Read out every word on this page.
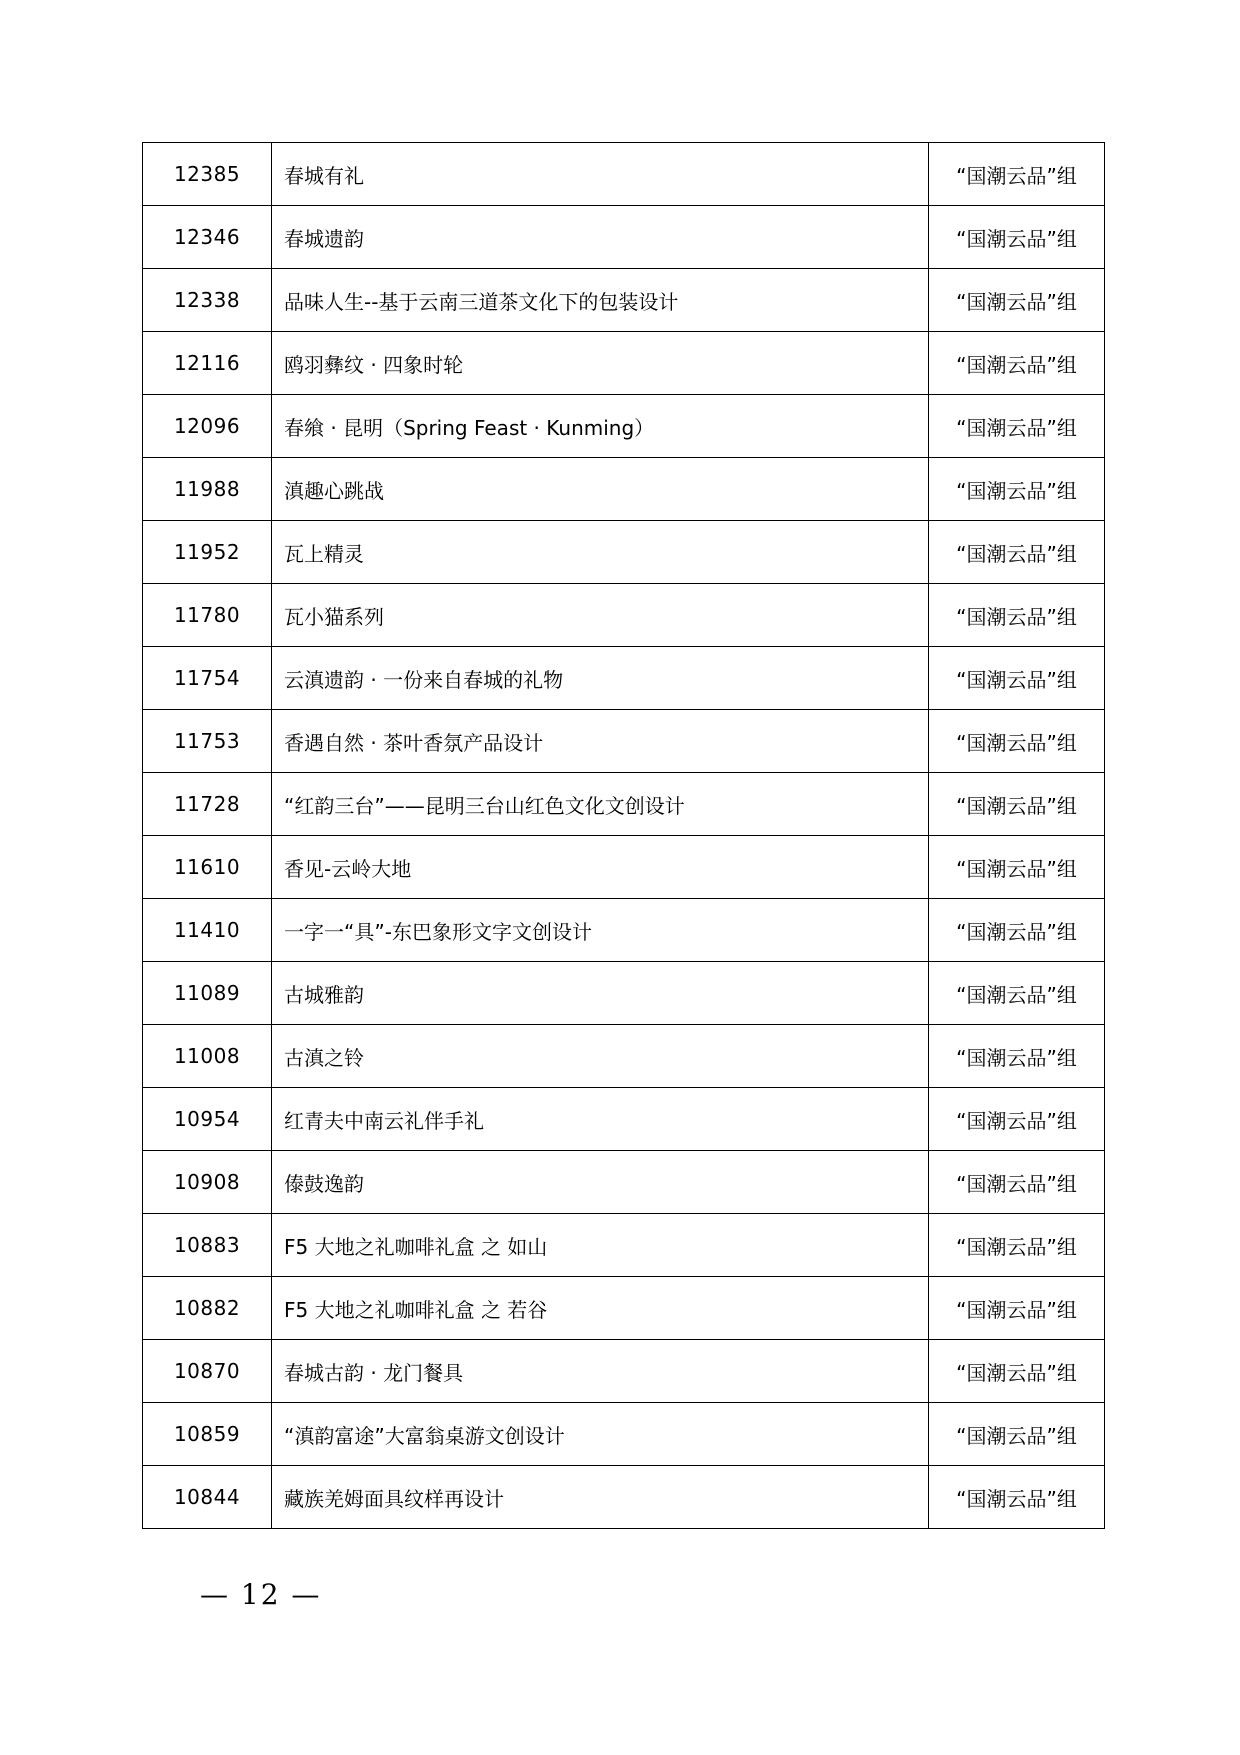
12385	春城有礼	“国潮云品”组
12346	春城遗韵	“国潮云品”组
12338	品味人生--基于云南三道茶文化下的包装设计	“国潮云品”组
12116	鸥羽彝纹 · 四象时轮	“国潮云品”组
12096	春飨 · 昆明（Spring Feast · Kunming）	“国潮云品”组
11988	滇趣心跳战	“国潮云品”组
11952	瓦上精灵	“国潮云品”组
11780	瓦小猫系列	“国潮云品”组
11754	云滇遗韵 · 一份来自春城的礼物	“国潮云品”组
11753	香遇自然 · 茶叶香氛产品设计	“国潮云品”组
11728	“红韵三台”——昆明三台山红色文化文创设计	“国潮云品”组
11610	香见-云岭大地	“国潮云品”组
11410	一字一“具”-东巴象形文字文创设计	“国潮云品”组
11089	古城雅韵	“国潮云品”组
11008	古滇之铃	“国潮云品”组
10954	红青夫中南云礼伴手礼	“国潮云品”组
10908	傣鼓逸韵	“国潮云品”组
10883	F5 大地之礼咖啡礼盒 之 如山	“国潮云品”组
10882	F5 大地之礼咖啡礼盒 之 若谷	“国潮云品”组
10870	春城古韵 · 龙门餐具	“国潮云品”组
10859	“滇韵富途”大富翁桌游文创设计	“国潮云品”组
10844	藏族羌姆面具纹样再设计	“国潮云品”组
— 12 —
